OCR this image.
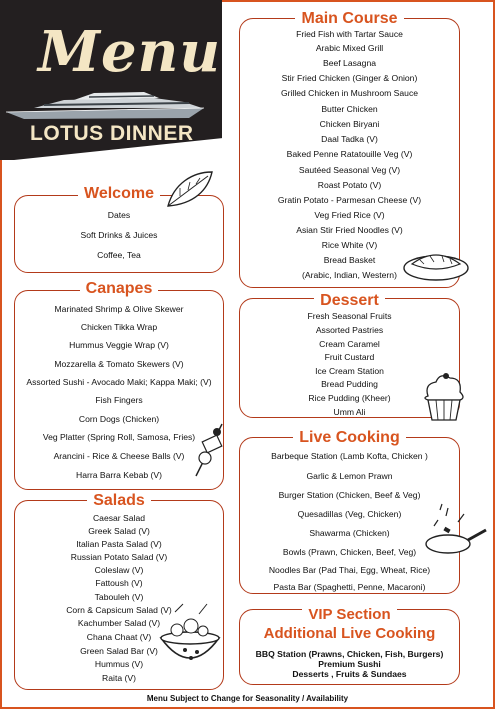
Menu
LOTUS DINNER
Welcome
Dates
Soft Drinks & Juices
Coffee, Tea
Canapes
Marinated Shrimp & Olive Skewer
Chicken Tikka Wrap
Hummus Veggie Wrap (V)
Mozzarella & Tomato Skewers (V)
Assorted Sushi - Avocado Maki; Kappa Maki; (V)
Fish Fingers
Corn Dogs (Chicken)
Veg Platter (Spring Roll, Samosa, Fries)
Arancini - Rice & Cheese Balls (V)
Harra Barra Kebab (V)
Salads
Caesar Salad
Greek Salad (V)
Italian Pasta Salad (V)
Russian Potato Salad (V)
Coleslaw (V)
Fattoush (V)
Tabouleh (V)
Corn & Capsicum Salad (V)
Kachumber Salad (V)
Chana Chaat (V)
Green Salad Bar (V)
Hummus (V)
Raita (V)
Main Course
Fried Fish with Tartar Sauce
Arabic Mixed Grill
Beef Lasagna
Stir Fried Chicken (Ginger & Onion)
Grilled Chicken in Mushroom Sauce
Butter Chicken
Chicken Biryani
Daal Tadka (V)
Baked Penne Ratatouille Veg (V)
Sautéed Seasonal Veg (V)
Roast Potato (V)
Gratin Potato - Parmesan Cheese (V)
Veg Fried Rice (V)
Asian Stir Fried Noodles (V)
Rice White (V)
Bread Basket
(Arabic, Indian, Western)
Dessert
Fresh Seasonal Fruits
Assorted Pastries
Cream Caramel
Fruit Custard
Ice Cream Station
Bread Pudding
Rice Pudding (Kheer)
Umm Ali
Live Cooking
Barbeque Station (Lamb Kofta, Chicken )
Garlic & Lemon Prawn
Burger Station (Chicken, Beef & Veg)
Quesadillas (Veg, Chicken)
Shawarma (Chicken)
Bowls (Prawn, Chicken, Beef, Veg)
Noodles Bar (Pad Thai, Egg, Wheat, Rice)
Pasta Bar (Spaghetti, Penne, Macaroni)
VIP Section
Additional Live Cooking
BBQ Station (Prawns, Chicken, Fish, Burgers)
Premium Sushi
Desserts , Fruits & Sundaes
Menu Subject to Change for Seasonality / Availability
